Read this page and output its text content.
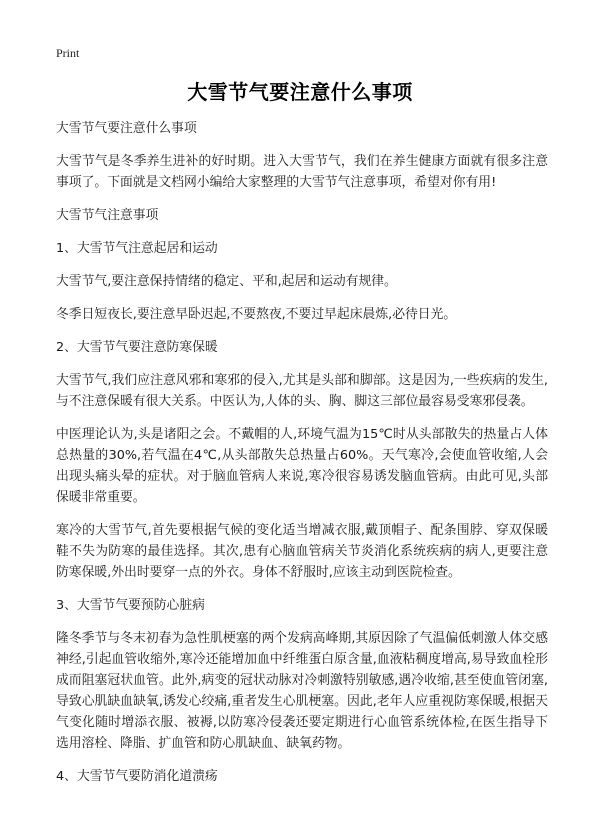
Print
大雪节气要注意什么事项

大雪节气要注意什么事项

大雪节气是冬季养生进补的好时期。进入大雪节气，我们在养生健康方面就有很多注意事项了。下面就是文档网小编给大家整理的大雪节气注意事项，希望对你有用!

大雪节气注意事项

1、大雪节气注意起居和运动

大雪节气,要注意保持情绪的稳定、平和,起居和运动有规律。

冬季日短夜长,要注意早卧迟起,不要熬夜,不要过早起床晨炼,必待日光。

2、大雪节气要注意防寒保暖

大雪节气,我们应注意风邪和寒邪的侵入,尤其是头部和脚部。这是因为,一些疾病的发生,与不注意保暖有很大关系。中医认为,人体的头、胸、脚这三部位最容易受寒邪侵袭。

中医理论认为,头是诸阳之会。不戴帽的人,环境气温为15℃时从头部散失的热量占人体总热量的30%,若气温在4℃,从头部散失总热量占60%。天气寒冷,会使血管收缩,人会出现头痛头晕的症状。对于脑血管病人来说,寒冷很容易诱发脑血管病。由此可见,头部保暖非常重要。

寒冷的大雪节气,首先要根据气候的变化适当增减衣服,戴顶帽子、配条围脖、穿双保暖鞋不失为防寒的最佳选择。其次,患有心脑血管病关节炎消化系统疾病的病人,更要注意防寒保暖,外出时要穿一点的外衣。身体不舒服时,应该主动到医院检查。

3、大雪节气要预防心脏病

隆冬季节与冬末初春为急性肌梗塞的两个发病高峰期,其原因除了气温偏低刺激人体交感神经,引起血管收缩外,寒冷还能增加血中纤维蛋白原含量,血液粘稠度增高,易导致血栓形成而阻塞冠状血管。此外,病变的冠状动脉对冷刺激特别敏感,遇冷收缩,甚至使血管闭塞,导致心肌缺血缺氧,诱发心绞痛,重者发生心肌梗塞。因此,老年人应重视防寒保暖,根据天气变化随时增添衣服、被褥,以防寒冷侵袭还要定期进行心血管系统体检,在医生指导下选用溶栓、降脂、扩血管和防心肌缺血、缺氧药物。

4、大雪节气要防消化道溃疡
